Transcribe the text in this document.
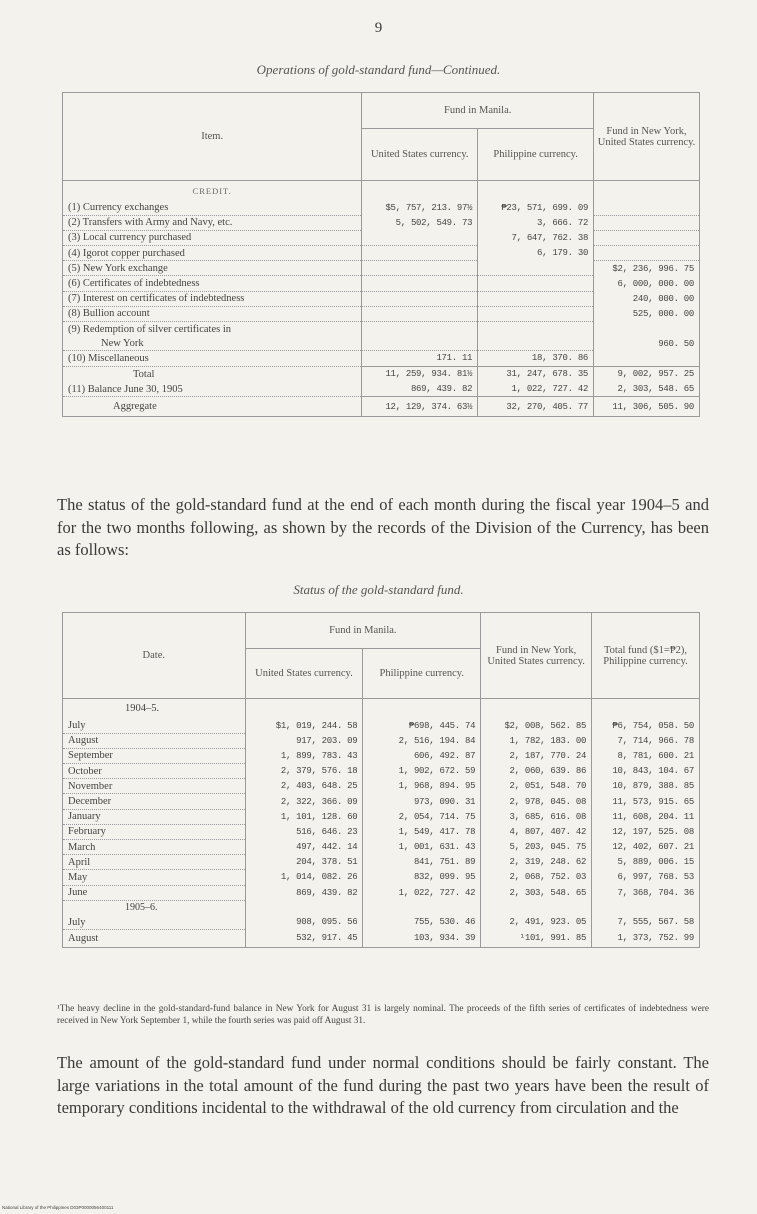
9
Operations of gold-standard fund—Continued.
Item.	Fund in Manila.		Fund in New York, United States currency.
	United States currency.	Philippine currency.	
CREDIT.			
(1) Currency exchanges	$5, 757, 213. 97½	₱23, 571, 699. 09	
(2) Transfers with Army and Navy, etc.	5, 502, 549. 73	3, 666. 72	
(3) Local currency purchased		7, 647, 762. 38	
(4) Igorot copper purchased		6, 179. 30	
(5) New York exchange			$2, 236, 996. 75
(6) Certificates of indebtedness			6, 000, 000. 00
(7) Interest on certificates of indebtedness			240, 000. 00
(8) Bullion account			525, 000. 00
(9) Redemption of silver certificates in			
New York			960. 50
(10) Miscellaneous	171. 11	18, 370. 86	
Total	11, 259, 934. 81½	31, 247, 678. 35	9, 002, 957. 25
(11) Balance June 30, 1905	869, 439. 82	1, 022, 727. 42	2, 303, 548. 65
Aggregate	12, 129, 374. 63½	32, 270, 405. 77	11, 306, 505. 90
The status of the gold-standard fund at the end of each month during the fiscal year 1904–5 and for the two months following, as shown by the records of the Division of the Currency, has been as follows:
Status of the gold-standard fund.
Date.	Fund in Manila.		Fund in New York, United States currency.	Total fund ($1=₱2), Philippine currency.
	United States currency.	Philippine currency.		
1904–5.				
July	$1, 019, 244. 58	₱698, 445. 74	$2, 008, 562. 85	₱6, 754, 058. 50
August	917, 203. 09	2, 516, 194. 84	1, 782, 183. 00	7, 714, 966. 78
September	1, 899, 783. 43	606, 492. 87	2, 187, 770. 24	8, 781, 600. 21
October	2, 379, 576. 18	1, 902, 672. 59	2, 060, 639. 86	10, 843, 104. 67
November	2, 403, 648. 25	1, 968, 894. 95	2, 051, 548. 70	10, 879, 388. 85
December	2, 322, 366. 09	973, 090. 31	2, 978, 045. 08	11, 573, 915. 65
January	1, 101, 128. 60	2, 054, 714. 75	3, 685, 616. 08	11, 608, 204. 11
February	516, 646. 23	1, 549, 417. 78	4, 807, 407. 42	12, 197, 525. 08
March	497, 442. 14	1, 001, 631. 43	5, 203, 045. 75	12, 402, 607. 21
April	204, 378. 51	841, 751. 89	2, 319, 248. 62	5, 889, 006. 15
May	1, 014, 082. 26	832, 099. 95	2, 068, 752. 03	6, 997, 768. 53
June	869, 439. 82	1, 022, 727. 42	2, 303, 548. 65	7, 368, 704. 36
1905–6.				
July	908, 095. 56	755, 530. 46	2, 491, 923. 05	7, 555, 567. 58
August	532, 917. 45	103, 934. 39	¹101, 991. 85	1, 373, 752. 99
¹The heavy decline in the gold-standard-fund balance in New York for August 31 is largely nominal. The proceeds of the fifth series of certificates of indebtedness were received in New York September 1, while the fourth series was paid off August 31.
The amount of the gold-standard fund under normal conditions should be fairly constant. The large variations in the total amount of the fund during the past two years have been the result of temporary conditions incidental to the withdrawal of the old currency from circulation and the
National Library of the Philippines D03P0000056400111
